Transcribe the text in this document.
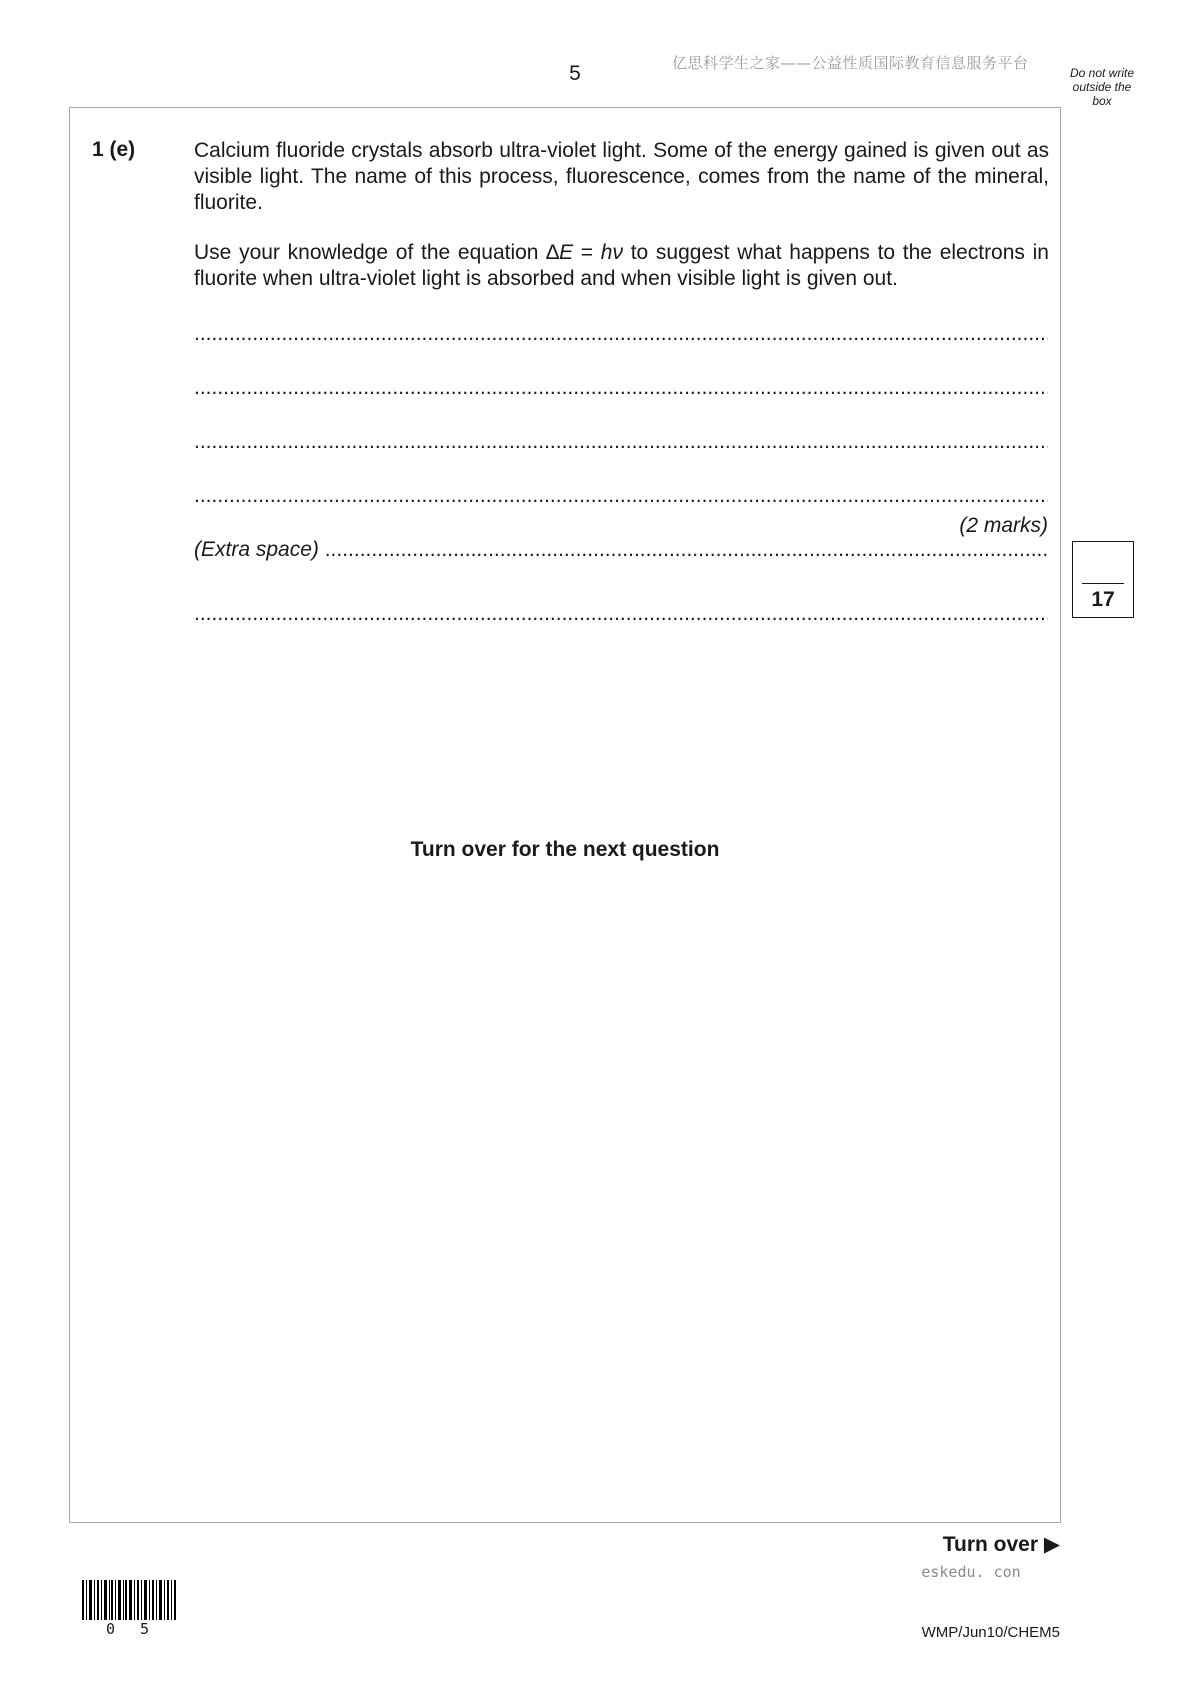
5	亿思科学生之家——公益性质国际教育信息服务平台
Do not write outside the box
1 (e)	Calcium fluoride crystals absorb ultra-violet light. Some of the energy gained is given out as visible light. The name of this process, fluorescence, comes from the name of the mineral, fluorite.
Use your knowledge of the equation ∆E = hν to suggest what happens to the electrons in fluorite when ultra-violet light is absorbed and when visible light is given out.
.....
.....
.....
.....
(2 marks)
(Extra space) .....
.....
17
Turn over for the next question
Turn over ▶
eskedu. con
0 5	WMP/Jun10/CHEM5
